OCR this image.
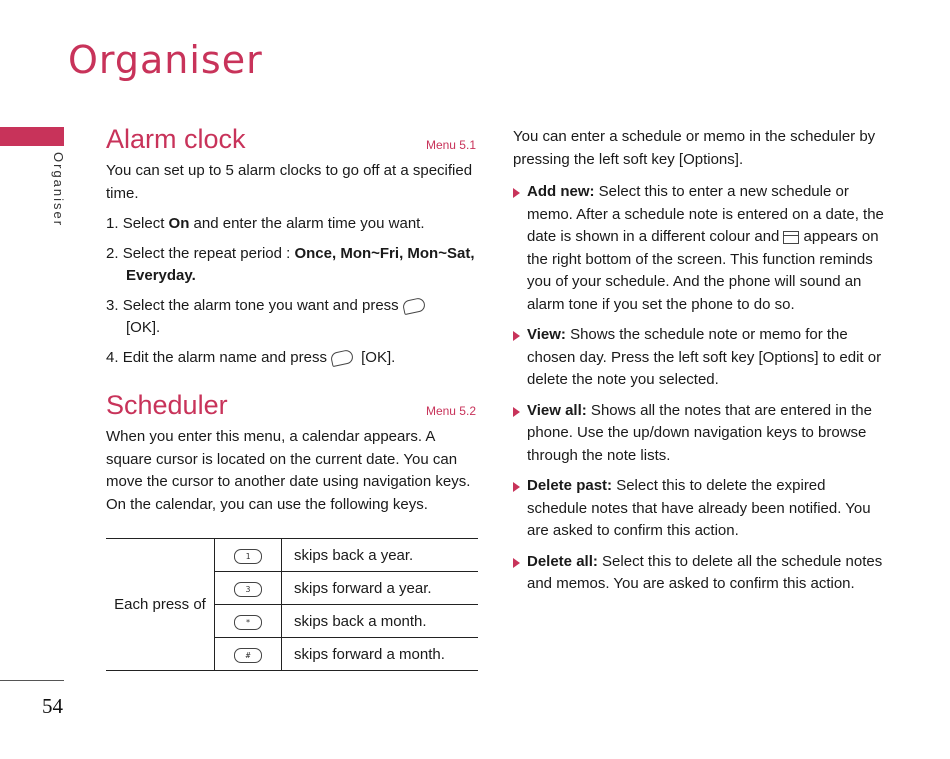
Organiser
Organiser
54
Alarm clock	Menu 5.1

You can set up to 5 alarm clocks to go off at a specified time.

1. Select On and enter the alarm time you want.
2. Select the repeat period : Once, Mon~Fri, Mon~Sat, Everyday.
3. Select the alarm tone you want and press
[OK].
4. Edit the alarm name and press [OK].
Scheduler	Menu 5.2

When you enter this menu, a calendar appears. A square cursor is located on the current date. You can move the cursor to another date using navigation keys. On the calendar, you can use the following keys.

Each press of	1	skips back a year.
	3	skips forward a year.
	*	skips back a month.
	#	skips forward a month.

You can enter a schedule or memo in the scheduler by pressing the left soft key [Options].

Add new: Select this to enter a new schedule or memo. After a schedule note is entered on a date, the date is shown in a different colour and appears on the right bottom of the screen. This function reminds you of your schedule. And the phone will sound an alarm tone if you set the phone to do so.
View: Shows the schedule note or memo for the chosen day. Press the left soft key [Options] to edit or delete the note you selected.
View all: Shows all the notes that are entered in the phone. Use the up/down navigation keys to browse through the note lists.
Delete past: Select this to delete the expired schedule notes that have already been notified. You are asked to confirm this action.
Delete all: Select this to delete all the schedule notes and memos. You are asked to confirm this action.
